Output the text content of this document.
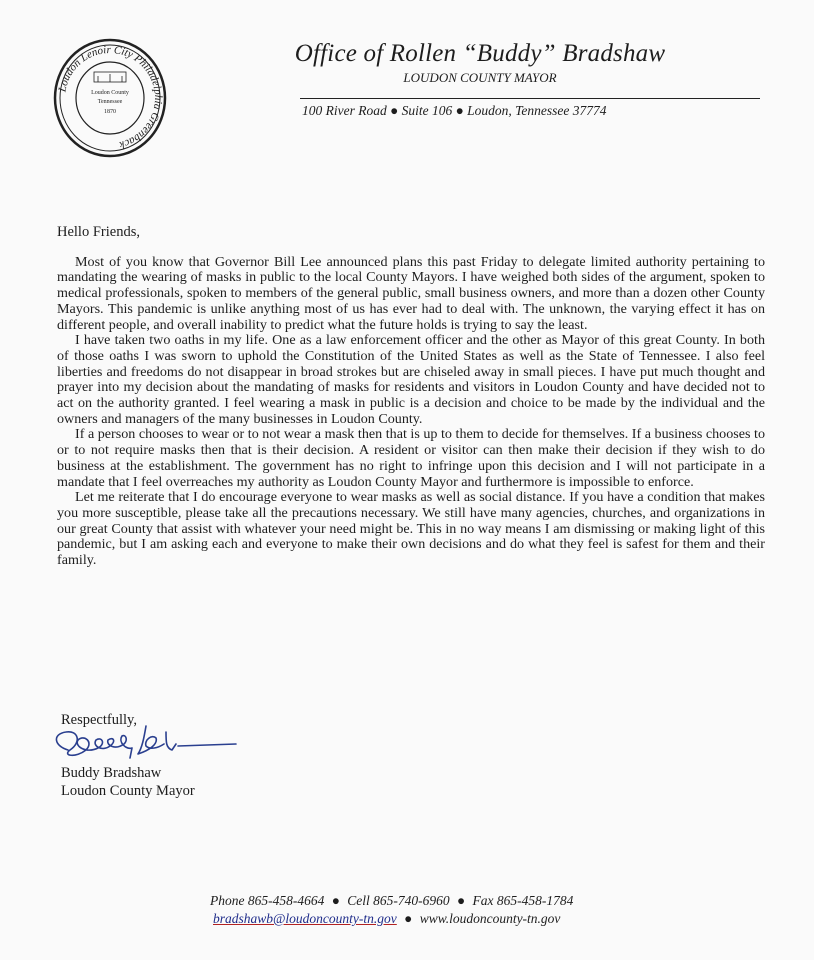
Loudon Lenoir City Philadelphia Greenback
Loudon County
Tennessee
1870
Office of Rollen “Buddy” Bradshaw
LOUDON COUNTY MAYOR
100 River Road ● Suite 106 ● Loudon, Tennessee 37774

Hello Friends,

Most of you know that Governor Bill Lee announced plans this past Friday to delegate limited authority pertaining to mandating the wearing of masks in public to the local County Mayors. I have weighed both sides of the argument, spoken to medical professionals, spoken to members of the general public, small business owners, and more than a dozen other County Mayors. This pandemic is unlike anything most of us has ever had to deal with. The unknown, the varying effect it has on different people, and overall inability to predict what the future holds is trying to say the least.

I have taken two oaths in my life. One as a law enforcement officer and the other as Mayor of this great County. In both of those oaths I was sworn to uphold the Constitution of the United States as well as the State of Tennessee. I also feel liberties and freedoms do not disappear in broad strokes but are chiseled away in small pieces. I have put much thought and prayer into my decision about the mandating of masks for residents and visitors in Loudon County and have decided not to act on the authority granted. I feel wearing a mask in public is a decision and choice to be made by the individual and the owners and managers of the many businesses in Loudon County.

If a person chooses to wear or to not wear a mask then that is up to them to decide for themselves. If a business chooses to or to not require masks then that is their decision. A resident or visitor can then make their decision if they wish to do business at the establishment. The government has no right to infringe upon this decision and I will not participate in a mandate that I feel overreaches my authority as Loudon County Mayor and furthermore is impossible to enforce.

Let me reiterate that I do encourage everyone to wear masks as well as social distance. If you have a condition that makes you more susceptible, please take all the precautions necessary. We still have many agencies, churches, and organizations in our great County that assist with whatever your need might be. This in no way means I am dismissing or making light of this pandemic, but I am asking each and everyone to make their own decisions and do what they feel is safest for them and their family.

Respectfully,
Buddy Bradshaw
Loudon County Mayor
Phone 865-458-4664 ● Cell 865-740-6960 ● Fax 865-458-1784
bradshawb@loudoncounty-tn.gov ● www.loudoncounty-tn.gov
